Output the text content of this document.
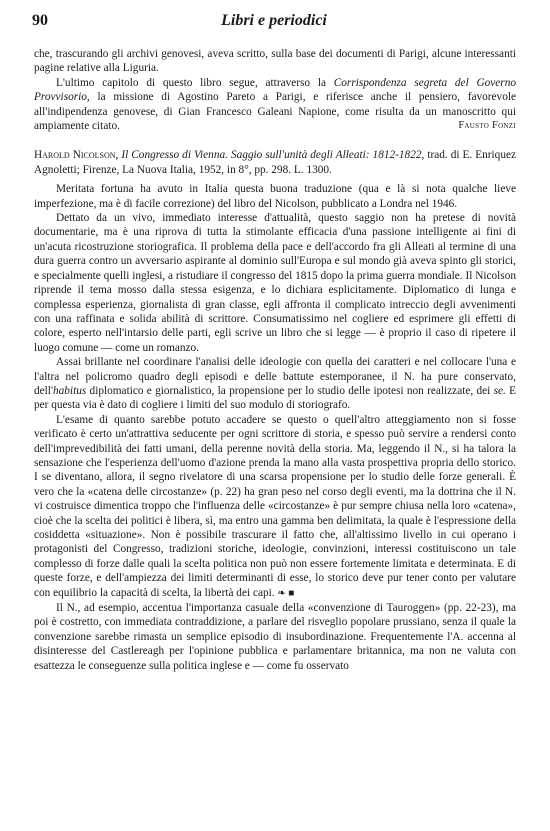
90	Libri e periodici

che, trascurando gli archivi genovesi, aveva scritto, sulla base dei documenti di Parigi, alcune interessanti pagine relative alla Liguria.

L'ultimo capitolo di questo libro segue, attraverso la Corrispondenza segreta del Governo Provvisorio, la missione di Agostino Pareto a Parigi, e riferisce anche il pensiero, favorevole all'indipendenza genovese, di Gian Francesco Galeani Napione, come risulta da un manoscritto qui ampiamente citato.	Fausto Fonzi

Harold Nicolson, Il Congresso di Vienna. Saggio sull'unità degli Alleati: 1812-1822, trad. di E. Enriquez Agnoletti; Firenze, La Nuova Italia, 1952, in 8°, pp. 298. L. 1300.

Meritata fortuna ha avuto in Italia questa buona traduzione (qua e là si nota qualche lieve imperfezione, ma è di facile correzione) del libro del Nicolson, pubblicato a Londra nel 1946.

Dettato da un vivo, immediato interesse d'attualità, questo saggio non ha pretese di novità documentarie, ma è una riprova di tutta la stimolante efficacia d'una passione intelligente ai fini di un'acuta ricostruzione storiografica. Il problema della pace e dell'accordo fra gli Alleati al termine di una dura guerra contro un avversario aspirante al dominio sull'Europa e sul mondo già aveva spinto gli storici, e specialmente quelli inglesi, a ristudiare il congresso del 1815 dopo la prima guerra mondiale. Il Nicolson riprende il tema mosso dalla stessa esigenza, e lo dichiara esplicitamente. Diplomatico di lunga e complessa esperienza, giornalista di gran classe, egli affronta il complicato intreccio degli avvenimenti con una raffinata e solida abilità di scrittore. Consumatissimo nel cogliere ed esprimere gli effetti di colore, esperto nell'intarsio delle parti, egli scrive un libro che si legge — è proprio il caso di ripetere il luogo comune — come un romanzo.

Assai brillante nel coordinare l'analisi delle ideologie con quella dei caratteri e nel collocare l'una e l'altra nel policromo quadro degli episodi e delle battute estemporanee, il N. ha pure conservato, dell'habitus diplomatico e giornalistico, la propensione per lo studio delle ipotesi non realizzate, dei se. E per questa via è dato di cogliere i limiti del suo modulo di storiografo.

L'esame di quanto sarebbe potuto accadere se questo o quell'altro atteggiamento non si fosse verificato è certo un'attrattiva seducente per ogni scrittore di storia, e spesso può servire a rendersi conto dell'imprevedibilità dei fatti umani, della perenne novità della storia. Ma, leggendo il N., si ha talora la sensazione che l'esperienza dell'uomo d'azione prenda la mano alla vasta prospettiva propria dello storico. I se diventano, allora, il segno rivelatore di una scarsa propensione per lo studio delle forze generali. È vero che la «catena delle circostanze» (p. 22) ha gran peso nel corso degli eventi, ma la dottrina che il N. vi costruisce dimentica troppo che l'influenza delle «circostanze» è pur sempre chiusa nella loro «catena», cioè che la scelta dei politici è libera, sì, ma entro una gamma ben delimitata, la quale è l'espressione della cosiddetta «situazione». Non è possibile trascurare il fatto che, all'altissimo livello in cui operano i protagonisti del Congresso, tradizioni storiche, ideologie, convinzioni, interessi costituiscono un tale complesso di forze dalle quali la scelta politica non può non essere fortemente limitata e determinata. E di queste forze, e dell'ampiezza dei limiti determinanti di esse, lo storico deve pur tener conto per valutare con equilibrio la capacità di scelta, la libertà dei capi. ❧ ■

Il N., ad esempio, accentua l'importanza casuale della «convenzione di Tauroggen» (pp. 22-23), ma poi è costretto, con immediata contraddizione, a parlare del risveglio popolare prussiano, senza il quale la convenzione sarebbe rimasta un semplice episodio di insubordinazione. Frequentemente l'A. accenna al disinteresse del Castlereagh per l'opinione pubblica e parlamentare britannica, ma non ne valuta con esattezza le conseguenze sulla politica inglese e — come fu osservato
